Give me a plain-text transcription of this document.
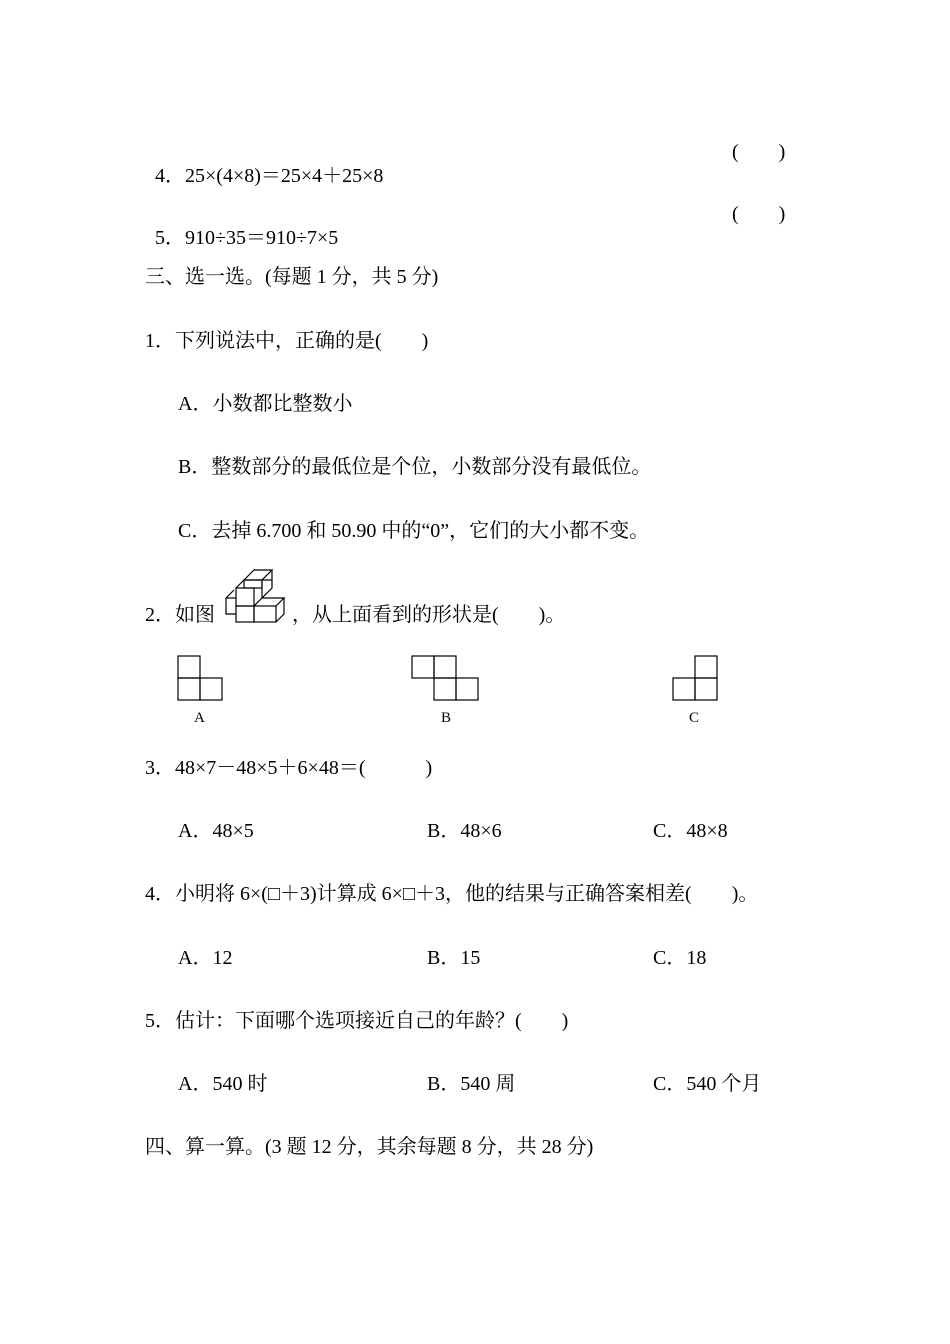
4．25×(4×8)＝25×4＋25×8

(　　)

5．910÷35＝910÷7×5

(　　)
三、选一选。(每题 1 分，共 5 分)
1．下列说法中，正确的是(　　)
A．小数都比整数小
B．整数部分的最低位是个位，小数部分没有最低位。
C．去掉 6.700 和 50.90 中的“0”，它们的大小都不变。
2．如图	，从上面看到的形状是(　　)。
A	B	C
3．48×7－48×5＋6×48＝(　　　)
A．48×5	B．48×6	C．48×8
4．小明将 6×(□＋3)计算成 6×□＋3，他的结果与正确答案相差(　　)。
A．12	B．15	C．18
5．估计：下面哪个选项接近自己的年龄？(　　)
A．540 时	B．540 周	C．540 个月
四、算一算。(3 题 12 分，其余每题 8 分，共 28 分)
